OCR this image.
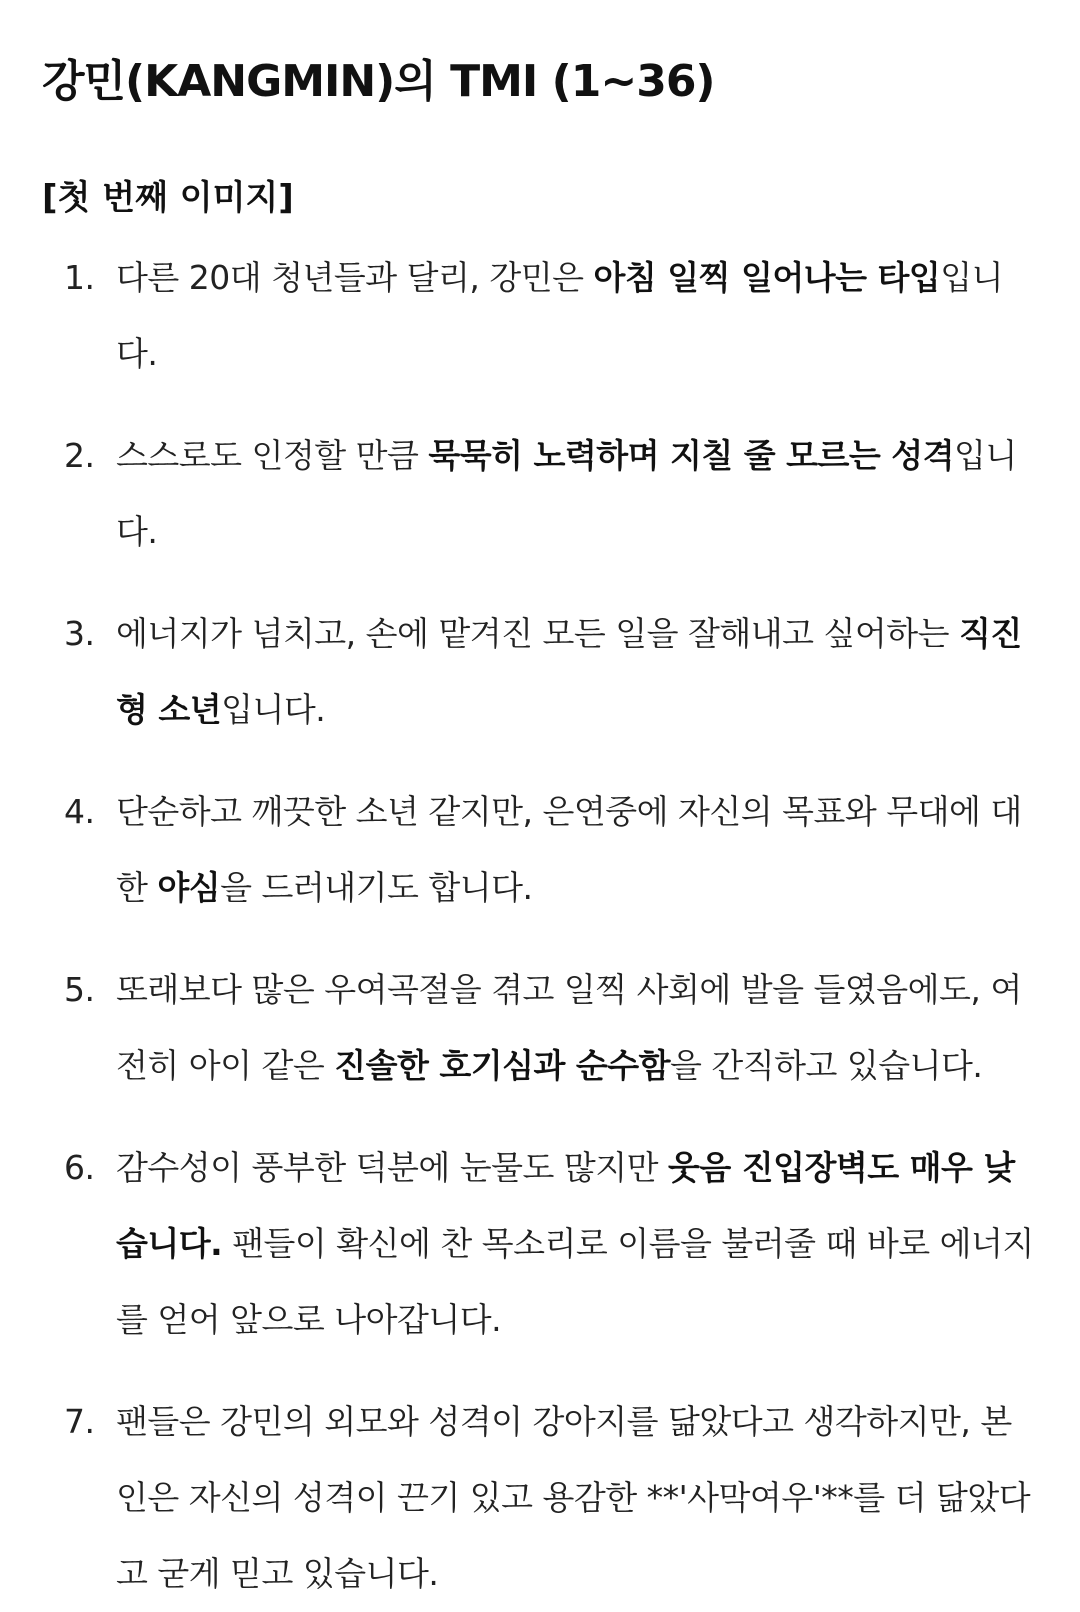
강민(KANGMIN)의 TMI (1~36)
[첫 번째 이미지]
1. 다른 20대 청년들과 달리, 강민은 아침 일찍 일어나는 타입입니다.
2. 스스로도 인정할 만큼 묵묵히 노력하며 지칠 줄 모르는 성격입니다.
3. 에너지가 넘치고, 손에 맡겨진 모든 일을 잘해내고 싶어하는 직진형 소년입니다.
4. 단순하고 깨끗한 소년 같지만, 은연중에 자신의 목표와 무대에 대한 야심을 드러내기도 합니다.
5. 또래보다 많은 우여곡절을 겪고 일찍 사회에 발을 들였음에도, 여전히 아이 같은 진솔한 호기심과 순수함을 간직하고 있습니다.
6. 감수성이 풍부한 덕분에 눈물도 많지만 웃음 진입장벽도 매우 낮습니다. 팬들이 확신에 찬 목소리로 이름을 불러줄 때 바로 에너지를 얻어 앞으로 나아갑니다.
7. 팬들은 강민의 외모와 성격이 강아지를 닮았다고 생각하지만, 본인은 자신의 성격이 끈기 있고 용감한 **'사막여우'**를 더 닮았다고 굳게 믿고 있습니다.
